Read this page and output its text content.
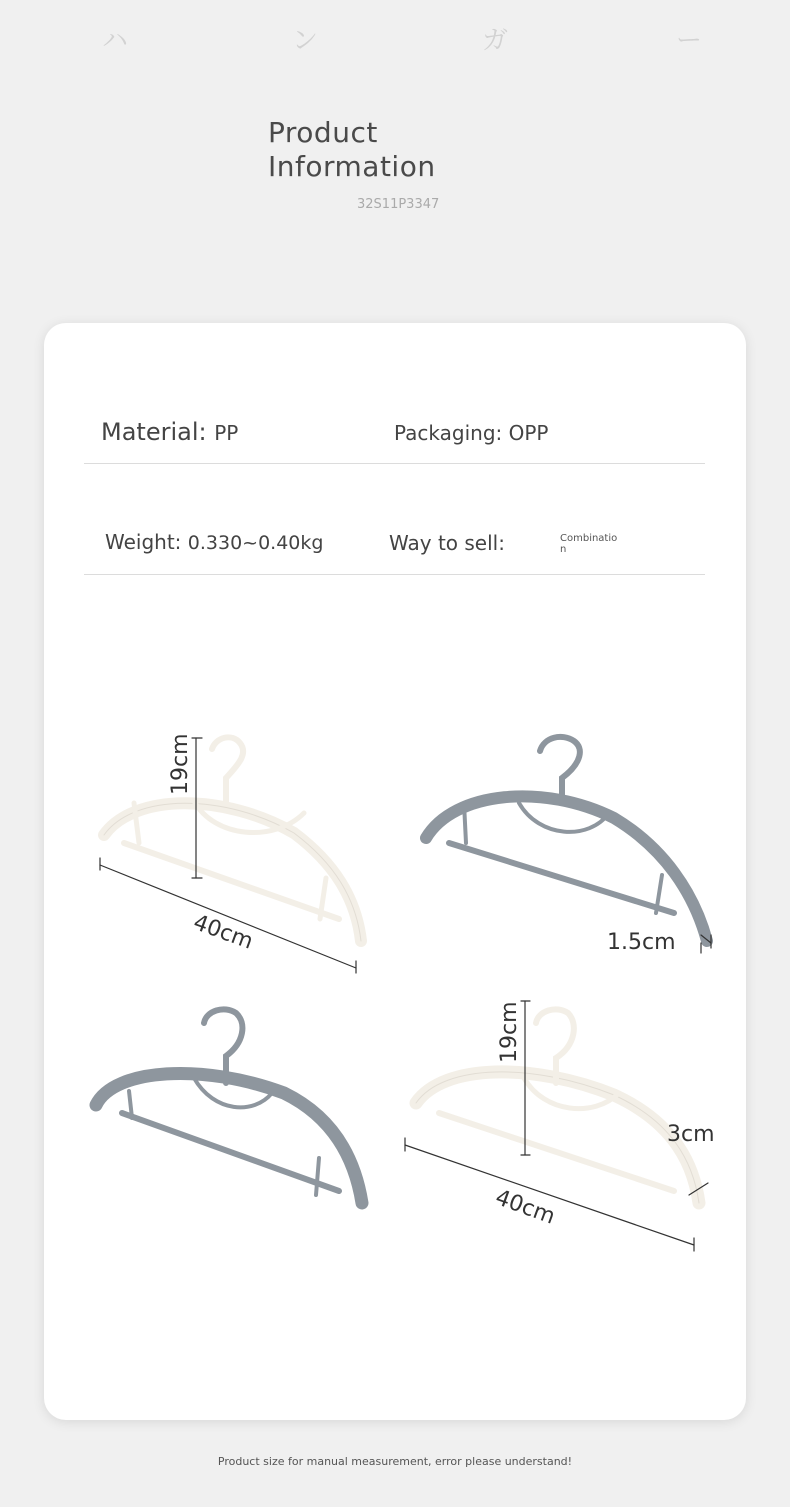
ハ	ン	ガ	ー
Product
Information
32S11P3347
Material: PP	Packaging: OPP
Weight: 0.330~0.40kg	Way to sell:	Combination
19cm
40cm	1.5cm
19cm
3cm
40cm
Product size for manual measurement, error please understand!
